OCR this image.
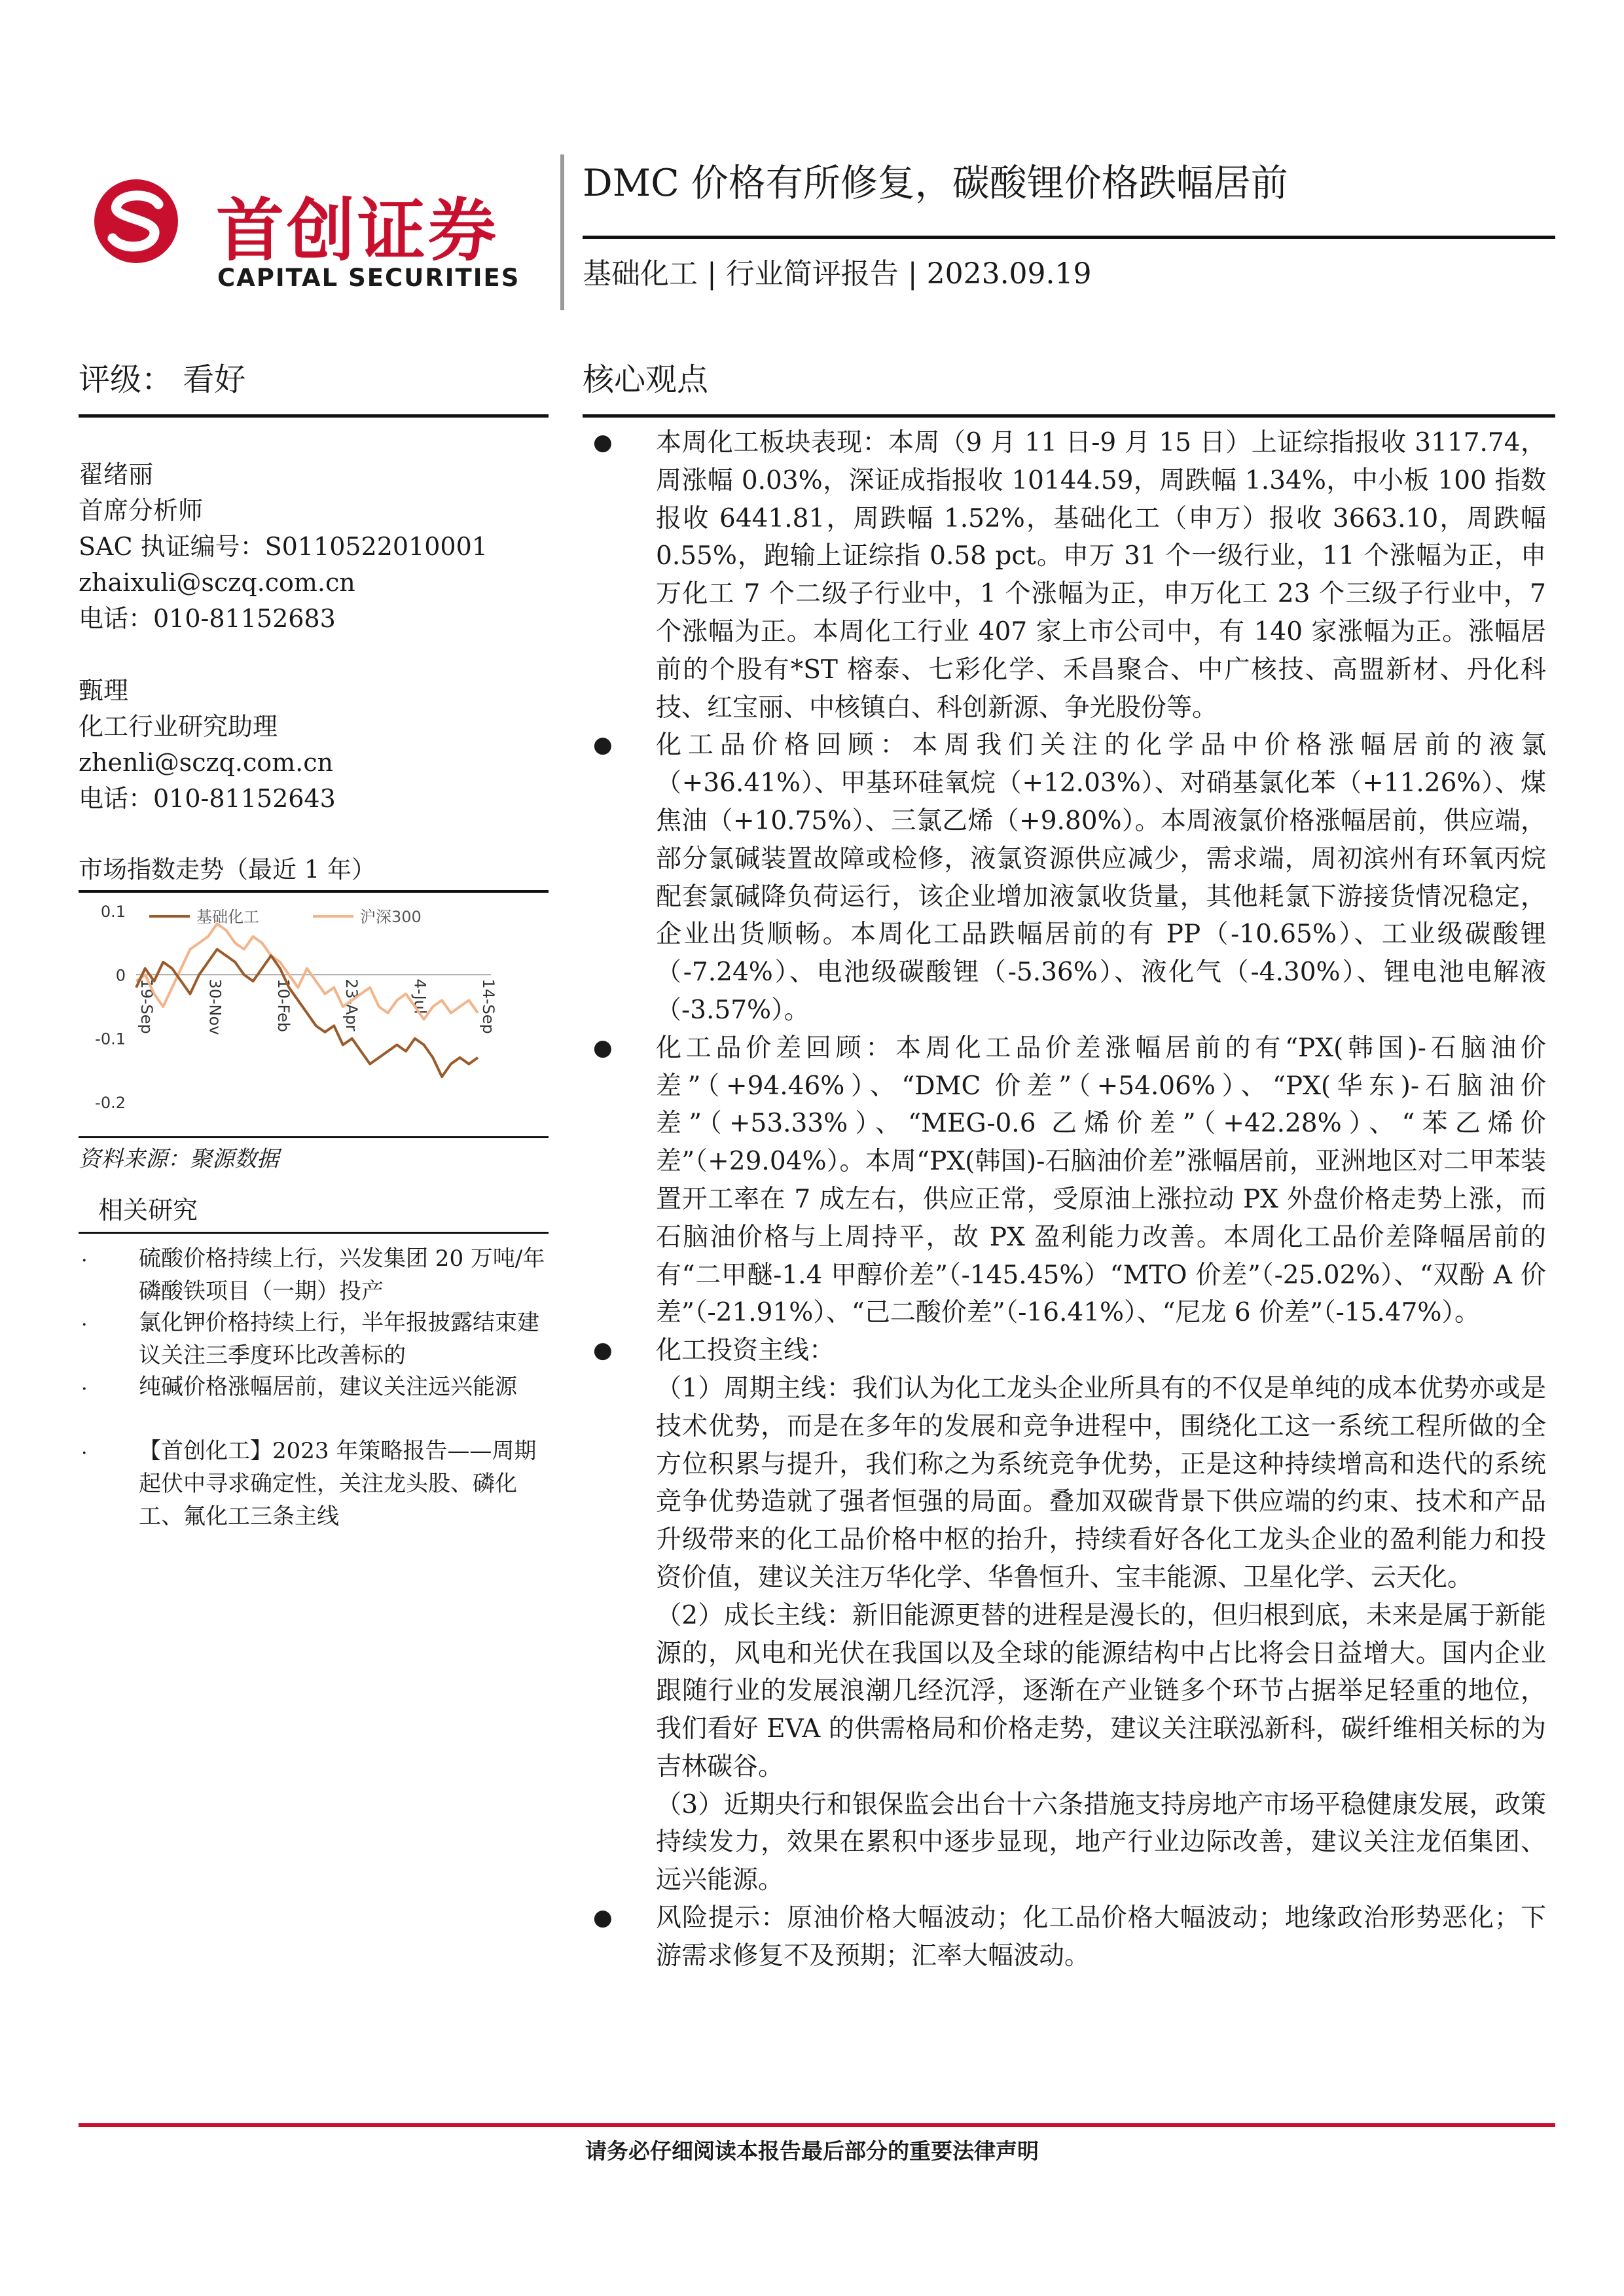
首创证券
CAPITAL SECURITIES
DMC 价格有所修复，碳酸锂价格跌幅居前
基础化工 | 行业简评报告 | 2023.09.19
评级： 看好
翟绪丽
首席分析师
SAC 执证编号：S0110522010001
zhaixuli@sczq.com.cn
电话：010-81152683
甄理
化工行业研究助理
zhenli@sczq.com.cn
电话：010-81152643
市场指数走势（最近 1 年）
0.1
0
-0.1
-0.2
19-Sep	30-Nov	10-Feb	23-Apr	4-Jul	14-Sep
基础化工	沪深300
资料来源：聚源数据
相关研究
· 硫酸价格持续上行，兴发集团 20 万吨/年磷酸铁项目（一期）投产
· 氯化钾价格持续上行，半年报披露结束建议关注三季度环比改善标的
· 纯碱价格涨幅居前，建议关注远兴能源
· 【首创化工】2023 年策略报告——周期起伏中寻求确定性，关注龙头股、磷化工、氟化工三条主线
核心观点

● 本周化工板块表现：本周（9 月 11 日-9 月 15 日）上证综指报收 3117.74，周涨幅 0.03%，深证成指报收 10144.59，周跌幅 1.34%，中小板 100 指数报收 6441.81，周跌幅 1.52%，基础化工（申万）报收 3663.10，周跌幅 0.55%，跑输上证综指 0.58 pct。申万 31 个一级行业，11 个涨幅为正，申万化工 7 个二级子行业中，1 个涨幅为正，申万化工 23 个三级子行业中，7 个涨幅为正。本周化工行业 407 家上市公司中，有 140 家涨幅为正。涨幅居前的个股有*ST 榕泰、七彩化学、禾昌聚合、中广核技、高盟新材、丹化科技、红宝丽、中核镇白、科创新源、争光股份等。

● 化工品价格回顾：本周我们关注的化学品中价格涨幅居前的液氯（+36.41%）、甲基环硅氧烷（+12.03%）、对硝基氯化苯（+11.26%）、煤焦油（+10.75%）、三氯乙烯（+9.80%）。本周液氯价格涨幅居前，供应端，部分氯碱装置故障或检修，液氯资源供应减少，需求端，周初滨州有环氧丙烷配套氯碱降负荷运行，该企业增加液氯收货量，其他耗氯下游接货情况稳定，企业出货顺畅。本周化工品跌幅居前的有 PP（-10.65%）、工业级碳酸锂（-7.24%）、电池级碳酸锂（-5.36%）、液化气（-4.30%）、锂电池电解液（-3.57%）。

● 化工品价差回顾：本周化工品价差涨幅居前的有“PX(韩国)-石脑油价差”（+94.46%）、“DMC 价差”（+54.06%）、“PX(华东)-石脑油价差”（+53.33%）、“MEG-0.6 乙烯价差”（+42.28%）、“苯乙烯价差”（+29.04%）。本周“PX(韩国)-石脑油价差”涨幅居前，亚洲地区对二甲苯装置开工率在 7 成左右，供应正常，受原油上涨拉动 PX 外盘价格走势上涨，而石脑油价格与上周持平，故 PX 盈利能力改善。本周化工品价差降幅居前的有“二甲醚-1.4 甲醇价差”（-145.45%）“MTO 价差”（-25.02%）、“双酚 A 价差”（-21.91%）、“己二酸价差”（-16.41%）、“尼龙 6 价差”（-15.47%）。

● 化工投资主线：

（1）周期主线：我们认为化工龙头企业所具有的不仅是单纯的成本优势亦或是技术优势，而是在多年的发展和竞争进程中，围绕化工这一系统工程所做的全方位积累与提升，我们称之为系统竞争优势，正是这种持续增高和迭代的系统竞争优势造就了强者恒强的局面。叠加双碳背景下供应端的约束、技术和产品升级带来的化工品价格中枢的抬升，持续看好各化工龙头企业的盈利能力和投资价值，建议关注万华化学、华鲁恒升、宝丰能源、卫星化学、云天化。

（2）成长主线：新旧能源更替的进程是漫长的，但归根到底，未来是属于新能源的，风电和光伏在我国以及全球的能源结构中占比将会日益增大。国内企业跟随行业的发展浪潮几经沉浮，逐渐在产业链多个环节占据举足轻重的地位，我们看好 EVA 的供需格局和价格走势，建议关注联泓新科，碳纤维相关标的为吉林碳谷。

（3）近期央行和银保监会出台十六条措施支持房地产市场平稳健康发展，政策持续发力，效果在累积中逐步显现，地产行业边际改善，建议关注龙佰集团、远兴能源。

● 风险提示：原油价格大幅波动；化工品价格大幅波动；地缘政治形势恶化；下游需求修复不及预期；汇率大幅波动。

请务必仔细阅读本报告最后部分的重要法律声明
